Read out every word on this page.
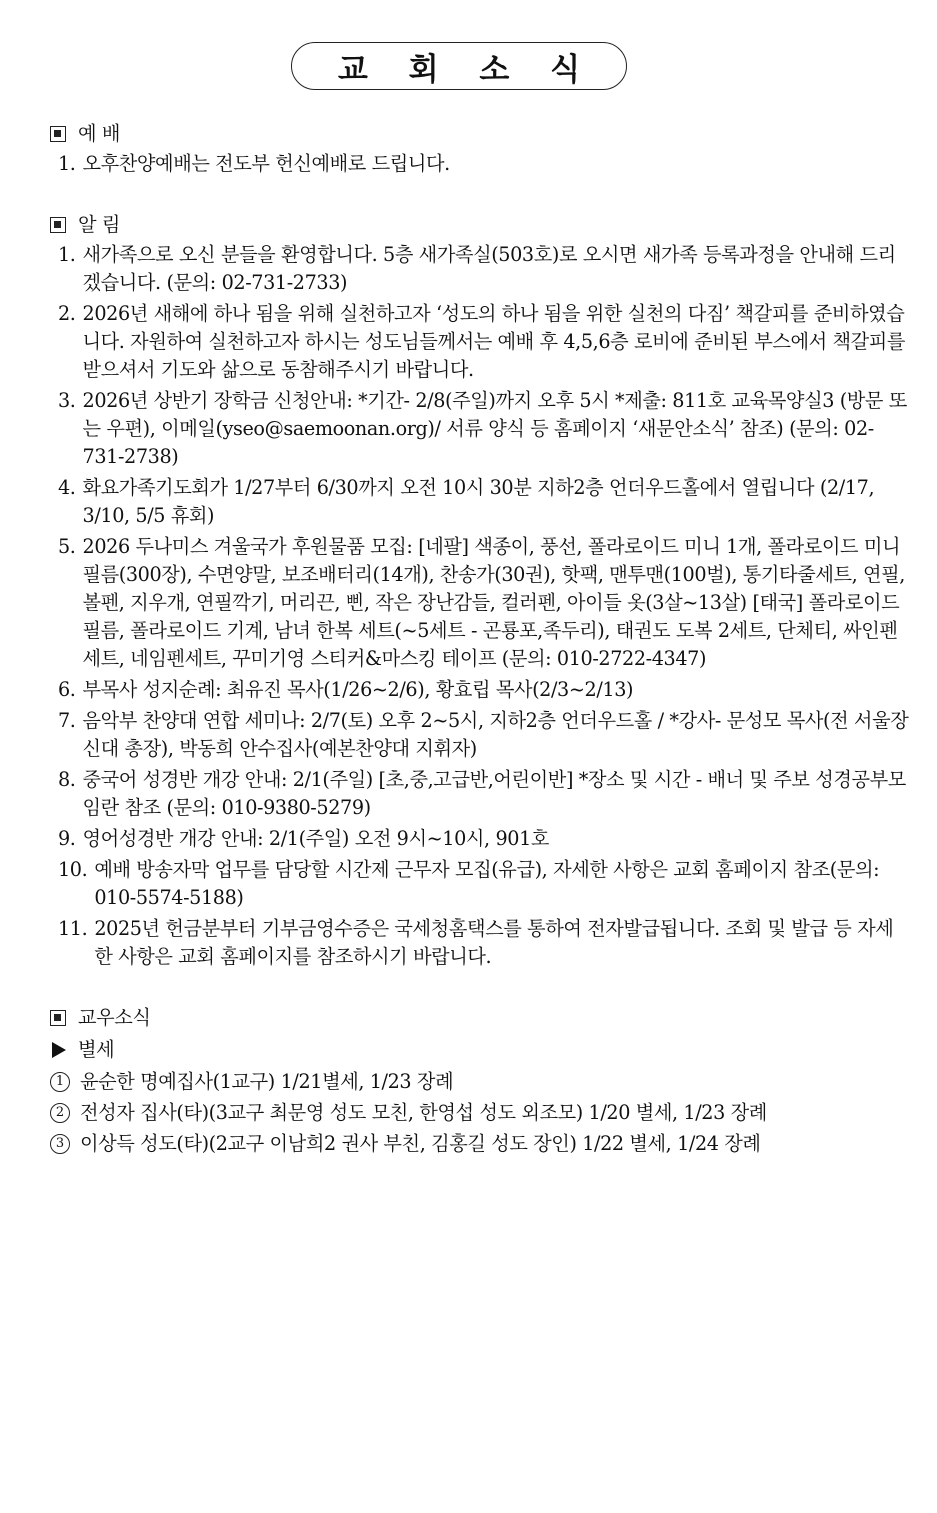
교 회 소 식
예 배
1. 오후찬양예배는 전도부 헌신예배로 드립니다.
알 림
1. 새가족으로 오신 분들을 환영합니다. 5층 새가족실(503호)로 오시면 새가족 등록과정을 안내해 드리겠습니다. (문의: 02-731-2733)
2. 2026년 새해에 하나 됨을 위해 실천하고자 ‘성도의 하나 됨을 위한 실천의 다짐’ 책갈피를 준비하였습니다. 자원하여 실천하고자 하시는 성도님들께서는 예배 후 4,5,6층 로비에 준비된 부스에서 책갈피를 받으셔서 기도와 삶으로 동참해주시기 바랍니다.
3. 2026년 상반기 장학금 신청안내: *기간- 2/8(주일)까지 오후 5시 *제출: 811호 교육목양실3 (방문 또는 우편), 이메일(yseo@saemoonan.org)/ 서류 양식 등 홈페이지 ‘새문안소식’ 참조) (문의: 02-731-2738)
4. 화요가족기도회가 1/27부터 6/30까지 오전 10시 30분 지하2층 언더우드홀에서 열립니다 (2/17, 3/10, 5/5 휴회)
5. 2026 두나미스 겨울국가 후원물품 모집: [네팔] 색종이, 풍선, 폴라로이드 미니 1개, 폴라로이드 미니 필름(300장), 수면양말, 보조배터리(14개), 찬송가(30권), 핫팩, 맨투맨(100벌), 통기타줄세트, 연필, 볼펜, 지우개, 연필깍기, 머리끈, 삔, 작은 장난감들, 컬러펜, 아이들 옷(3살~13살) [태국] 폴라로이드 필름, 폴라로이드 기계, 남녀 한복 세트(~5세트 - 곤룡포,족두리), 태권도 도복 2세트, 단체티, 싸인펜세트, 네임펜세트, 꾸미기영 스티커&마스킹 테이프 (문의: 010-2722-4347)
6. 부목사 성지순례: 최유진 목사(1/26~2/6), 황효립 목사(2/3~2/13)
7. 음악부 찬양대 연합 세미나: 2/7(토) 오후 2~5시, 지하2층 언더우드홀 / *강사- 문성모 목사(전 서울장신대 총장), 박동희 안수집사(예본찬양대 지휘자)
8. 중국어 성경반 개강 안내: 2/1(주일) [초,중,고급반,어린이반] *장소 및 시간 - 배너 및 주보 성경공부모임란 참조 (문의: 010-9380-5279)
9. 영어성경반 개강 안내: 2/1(주일) 오전 9시~10시, 901호
10. 예배 방송자막 업무를 담당할 시간제 근무자 모집(유급), 자세한 사항은 교회 홈페이지 참조(문의: 010-5574-5188)
11. 2025년 헌금분부터 기부금영수증은 국세청홈택스를 통하여 전자발급됩니다. 조회 및 발급 등 자세한 사항은 교회 홈페이지를 참조하시기 바랍니다.
교우소식
별세
1 윤순한 명예집사(1교구) 1/21별세, 1/23 장례
2 전성자 집사(타)(3교구 최문영 성도 모친, 한영섭 성도 외조모) 1/20 별세, 1/23 장례
3 이상득 성도(타)(2교구 이남희2 권사 부친, 김홍길 성도 장인) 1/22 별세, 1/24 장례
